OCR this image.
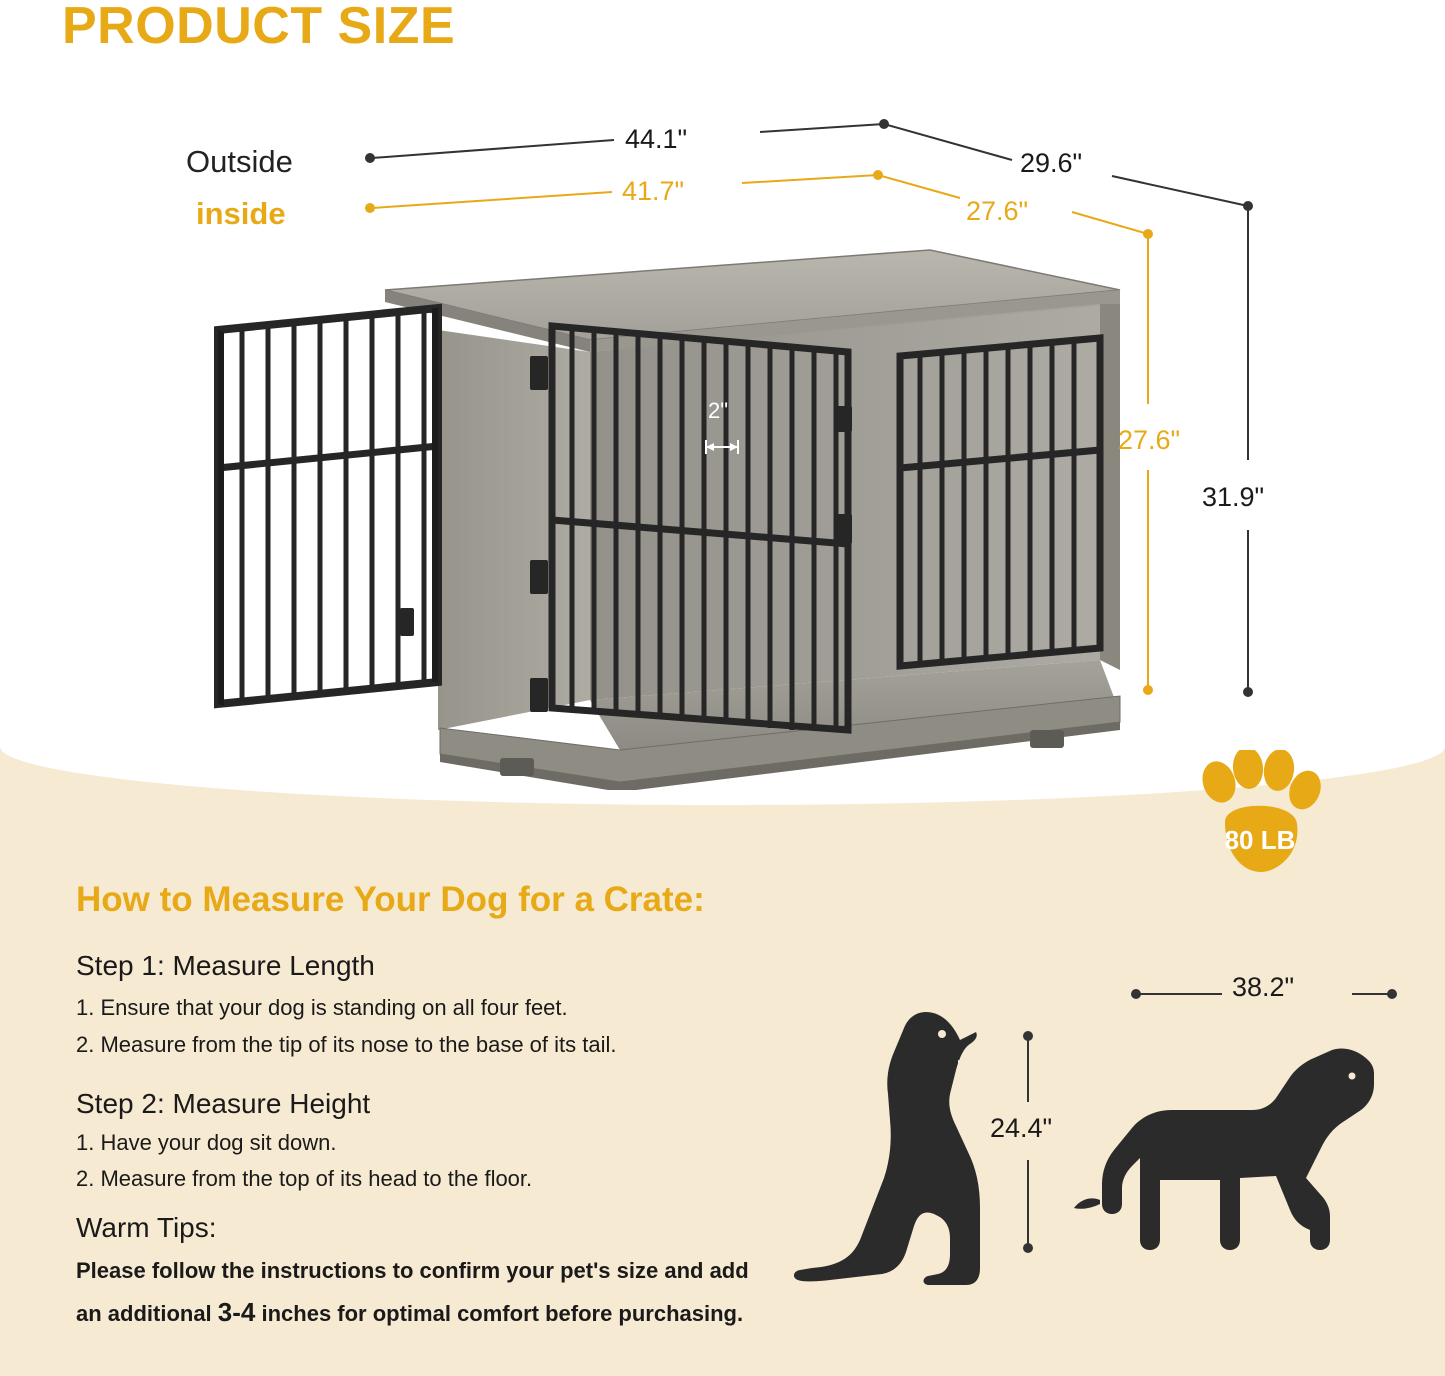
PRODUCT SIZE
Outside
inside
44.1"
29.6"
41.7"
27.6"
27.6"
31.9"
2"
80 LB
How to Measure Your Dog for a Crate:
Step 1: Measure Length
1. Ensure that your dog is standing on all four feet.
2. Measure from the tip of its nose to the base of its tail.
Step 2: Measure Height
1. Have your dog sit down.
2. Measure from the top of its head to the floor.
Warm Tips:
Please follow the instructions to confirm your pet's size and add
an additional 3-4 inches for optimal comfort before purchasing.
38.2"
24.4"
